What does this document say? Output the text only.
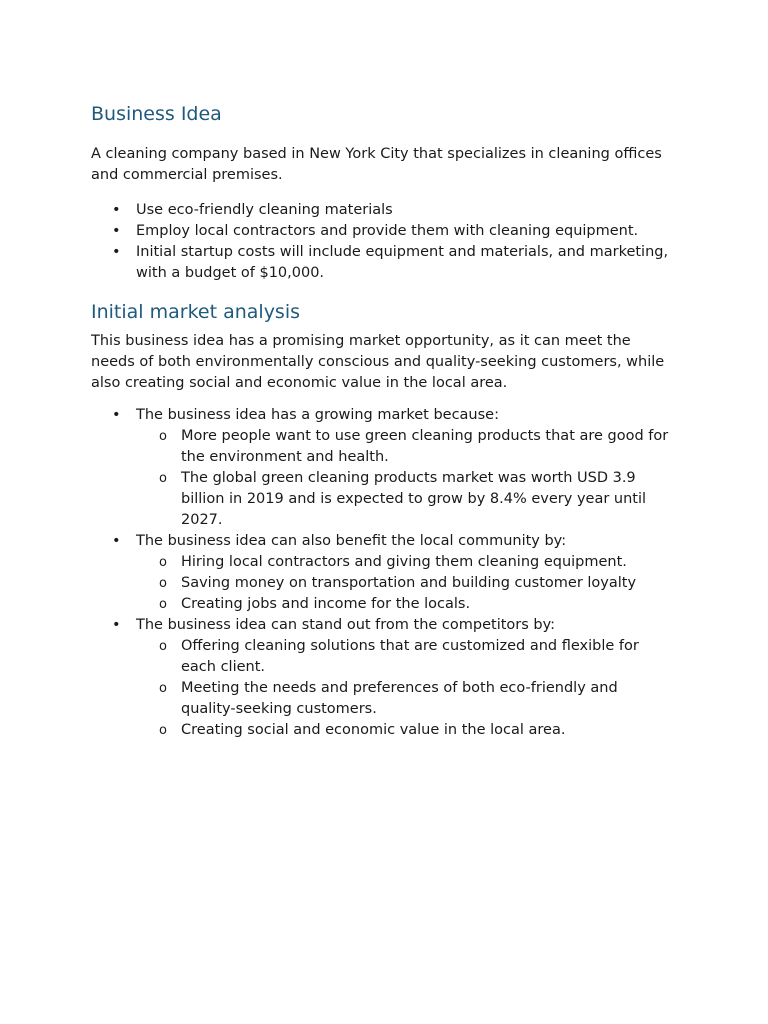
Business Idea

A cleaning company based in New York City that specializes in cleaning offices and commercial premises.

• Use eco-friendly cleaning materials
• Employ local contractors and provide them with cleaning equipment.
• Initial startup costs will include equipment and materials, and marketing, with a budget of $10,000.
Initial market analysis

This business idea has a promising market opportunity, as it can meet the needs of both environmentally conscious and quality-seeking customers, while also creating social and economic value in the local area.

• The business idea has a growing market because:
o More people want to use green cleaning products that are good for the environment and health.
o The global green cleaning products market was worth USD 3.9 billion in 2019 and is expected to grow by 8.4% every year until 2027.
• The business idea can also benefit the local community by:
o Hiring local contractors and giving them cleaning equipment.
o Saving money on transportation and building customer loyalty
o Creating jobs and income for the locals.
• The business idea can stand out from the competitors by:
o Offering cleaning solutions that are customized and flexible for each client.
o Meeting the needs and preferences of both eco-friendly and quality-seeking customers.
o Creating social and economic value in the local area.
